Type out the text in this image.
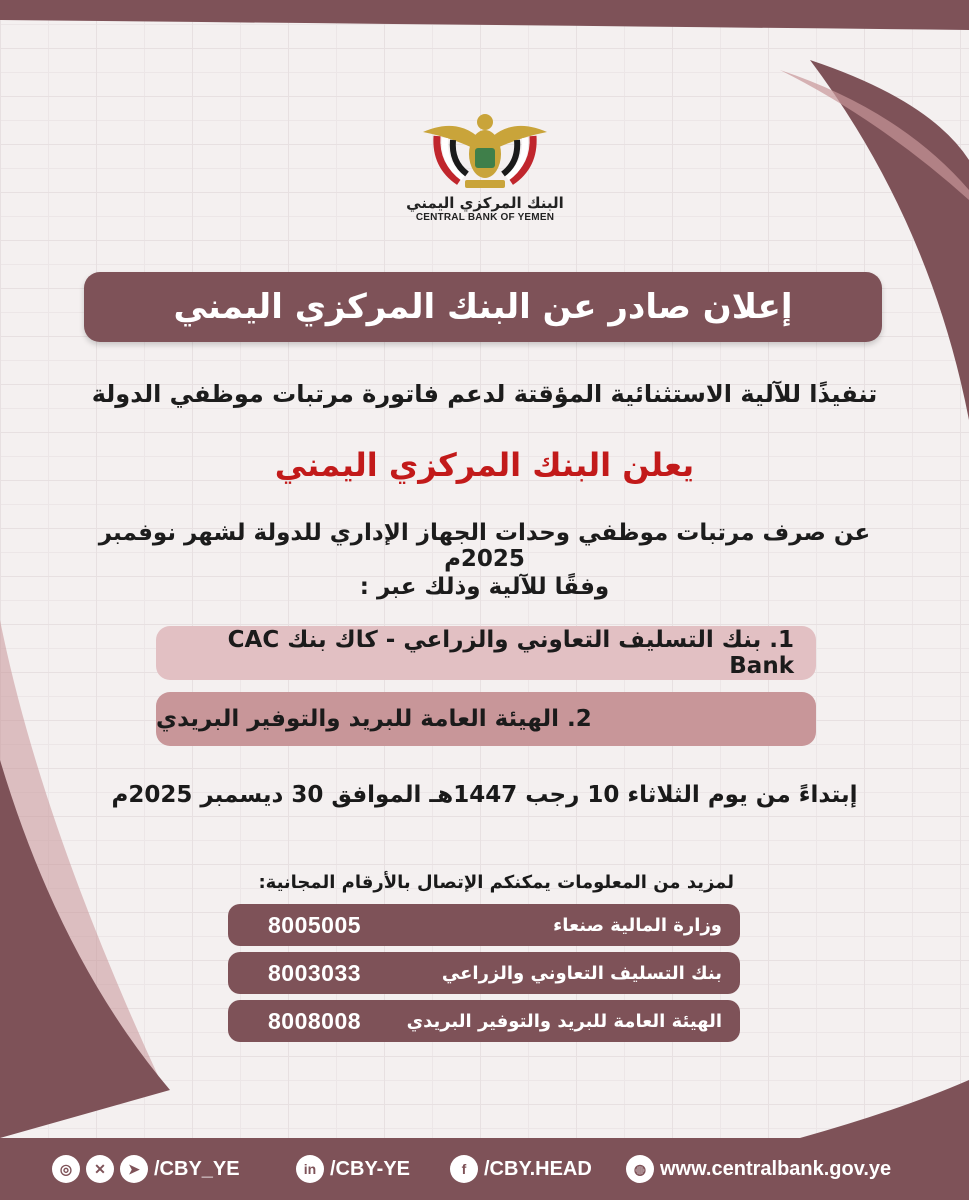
البنك المركزي اليمني
CENTRAL BANK OF YEMEN
إعلان صادر عن البنك المركزي اليمني
تنفيذًا للآلية الاستثنائية المؤقتة لدعم فاتورة مرتبات موظفي الدولة
يعلن البنك المركزي اليمني
عن صرف مرتبات موظفي وحدات الجهاز الإداري للدولة لشهر نوفمبر 2025م
وفقًا للآلية وذلك عبر :
1. بنك التسليف التعاوني والزراعي - كاك بنك CAC Bank
2. الهيئة العامة للبريد والتوفير البريدي
إبتداءً من يوم الثلاثاء 10 رجب 1447هـ الموافق 30 ديسمبر 2025م
لمزيد من المعلومات يمكنكم الإتصال بالأرقام المجانية:
8005005	وزارة المالية صنعاء
8003033	بنك التسليف التعاوني والزراعي
8008008	الهيئة العامة للبريد والتوفير البريدي
◎	✕	➤ /CBY_YE	in /CBY-YE	f /CBY.HEAD	◍ www.centralbank.gov.ye
